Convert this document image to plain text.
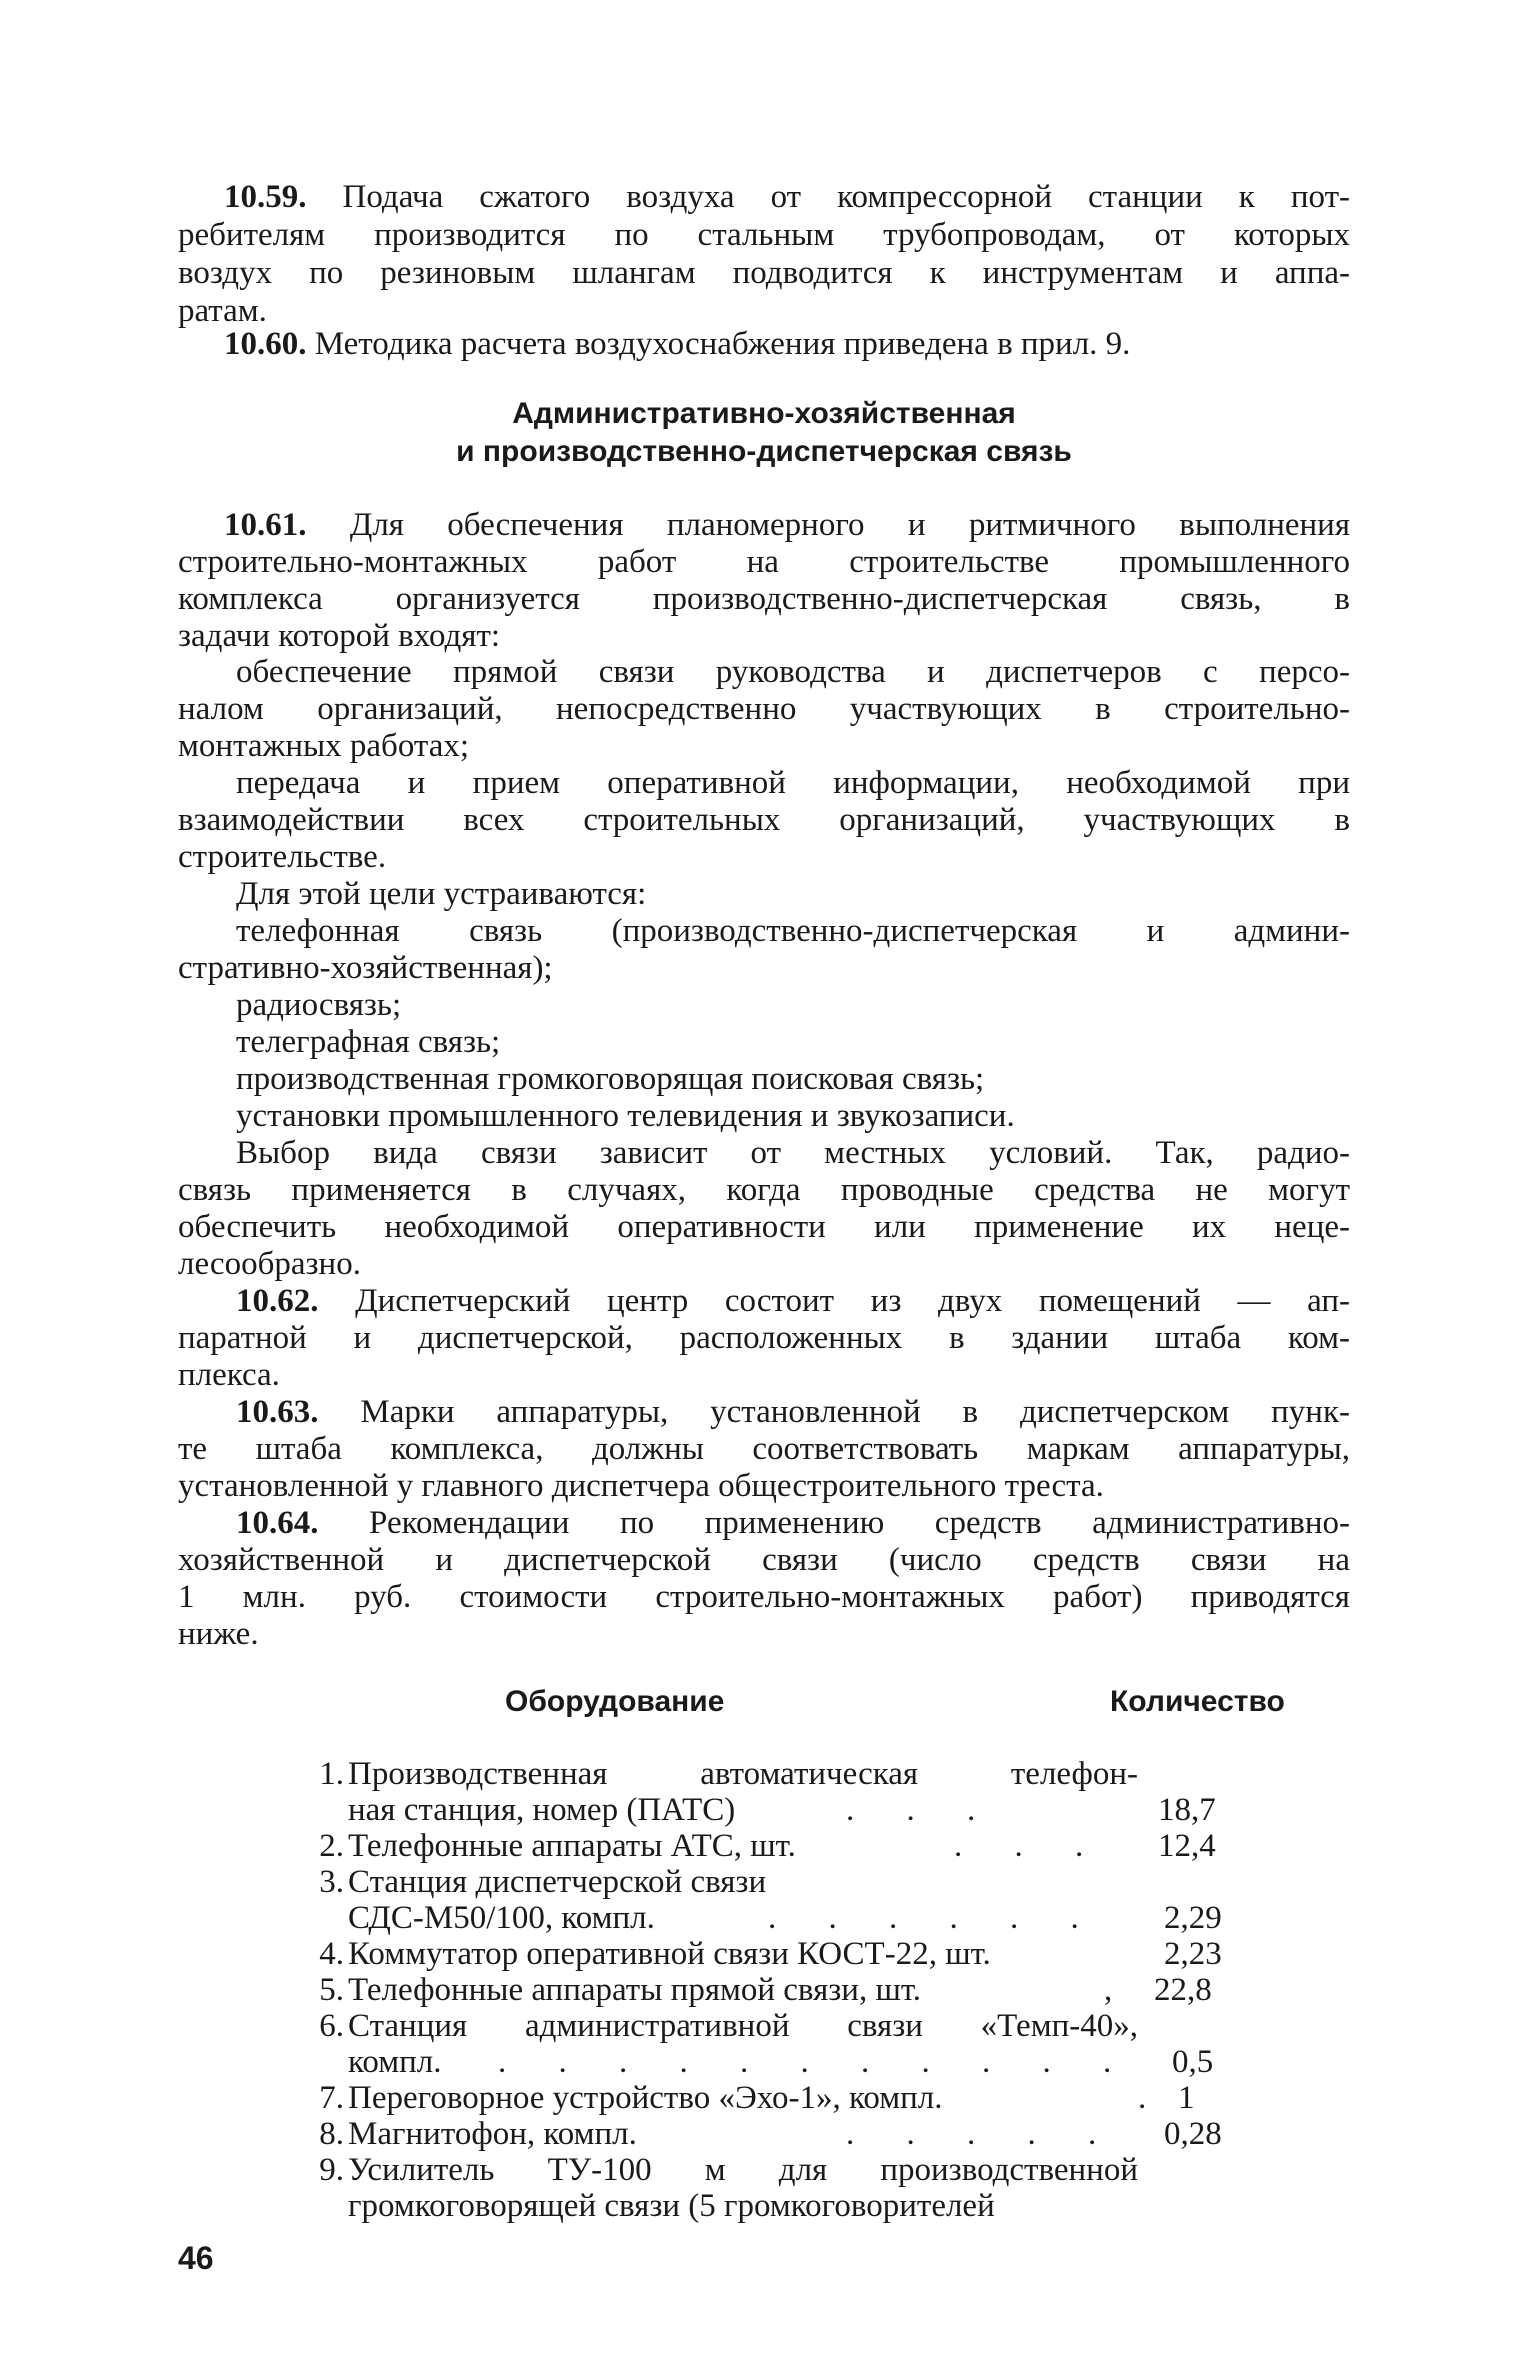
10.59. Подача сжатого воздуха от компрессорной станции к пот-
ребителям производится по стальным трубопроводам, от которых
воздух по резиновым шлангам подводится к инструментам и аппа-
ратам.
10.60. Методика расчета воздухоснабжения приведена в прил. 9.
Административно-хозяйственная
и производственно-диспетчерская связь
10.61. Для обеспечения планомерного и ритмичного выполнения
строительно-монтажных работ на строительстве промышленного
комплекса организуется производственно-диспетчерская связь, в
задачи которой входят:
обеспечение прямой связи руководства и диспетчеров с персо-
налом организаций, непосредственно участвующих в строительно-
монтажных работах;
передача и прием оперативной информации, необходимой при
взаимодействии всех строительных организаций, участвующих в
строительстве.
Для этой цели устраиваются:
телефонная связь (производственно-диспетчерская и админи-
стративно-хозяйственная);
радиосвязь;
телеграфная связь;
производственная громкоговорящая поисковая связь;
установки промышленного телевидения и звукозаписи.
Выбор вида связи зависит от местных условий. Так, радио-
связь применяется в случаях, когда проводные средства не могут
обеспечить необходимой оперативности или применение их неце-
лесообразно.
10.62. Диспетчерский центр состоит из двух помещений — ап-
паратной и диспетчерской, расположенных в здании штаба ком-
плекса.
10.63. Марки аппаратуры, установленной в диспетчерском пунк-
те штаба комплекса, должны соответствовать маркам аппаратуры,
установленной у главного диспетчера общестроительного треста.
10.64. Рекомендации по применению средств административно-
хозяйственной и диспетчерской связи (число средств связи на
1 млн. руб. стоимости строительно-монтажных работ) приводятся
ниже.
Оборудование	Количество
1. Производственная автоматическая телефон-
ная станция, номер (ПАТС)	. . .	18,7
2. Телефонные аппараты АТС, шт.	. . . 12,4
3. Станция диспетчерской связи
СДС-М50/100, компл.	. . . . . . 2,29
4. Коммутатор оперативной связи КОСТ-22, шт.	2,23
5. Телефонные аппараты прямой связи, шт.	, 22,8
6. Станция административной связи «Темп-40»,
компл. . . . . . . . . . . . 0,5
7. Переговорное устройство «Эхо-1», компл.	. 1
8. Магнитофон, компл.	. . . . . 0,28
9. Усилитель ТУ-100 м для производственной
громкоговорящей связи (5 громкоговорителей
46
